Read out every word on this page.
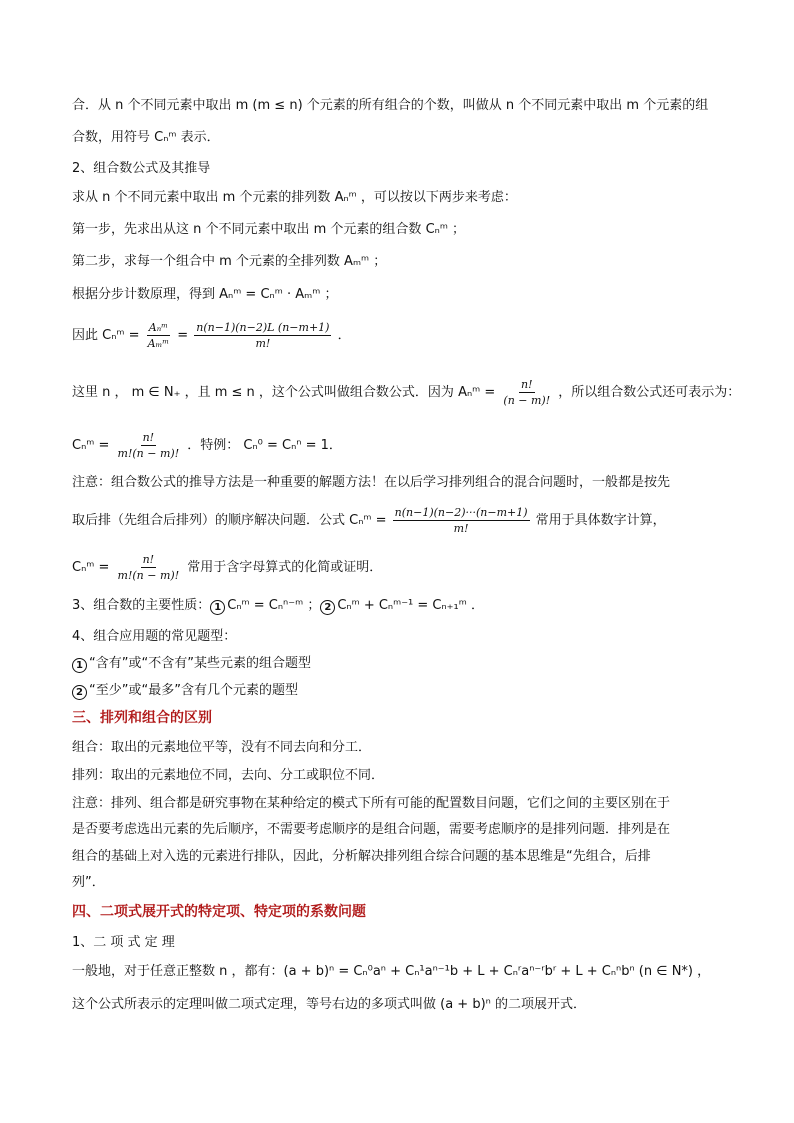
合．从 n 个不同元素中取出 m (m ≤ n) 个元素的所有组合的个数，叫做从 n 个不同元素中取出 m 个元素的组
合数，用符号 Cₙᵐ 表示．
2、组合数公式及其推导
求从 n 个不同元素中取出 m 个元素的排列数 Aₙᵐ ，可以按以下两步来考虑：
第一步，先求出从这 n 个不同元素中取出 m 个元素的组合数 Cₙᵐ ；
第二步，求每一个组合中 m 个元素的全排列数 Aₘᵐ ；
根据分步计数原理，得到 Aₙᵐ = Cₙᵐ · Aₘᵐ ；
因此 Cₙᵐ = $\frac{\text{Aₙᵐ}}{\text{Aₘᵐ}} = \frac{n(n-1)(n-2)L (n-m+1)}{m!}$ ．
这里 n ， m ∈ N₊ ，且 m ≤ n ，这个公式叫做组合数公式．因为 Aₙᵐ = $\frac{n!}{(n - m)!}$ ，所以组合数公式还可表示为：
Cₙᵐ = $\frac{n!}{m!(n - m)!}$ ．特例： Cₙ⁰ = Cₙⁿ = 1．
注意：组合数公式的推导方法是一种重要的解题方法！在以后学习排列组合的混合问题时，一般都是按先
取后排（先组合后排列）的顺序解决问题．公式 Cₙᵐ = $\frac{n(n-1)(n-2)\cdot\cdot\cdot(n-m+1)}{m!}$ 常用于具体数字计算，
Cₙᵐ = $\frac{n!}{m!(n - m)!}$ 常用于含字母算式的化简或证明．
3、组合数的主要性质： 1 Cₙᵐ = Cₙⁿ⁻ᵐ ； 2 Cₙᵐ + Cₙᵐ⁻¹ = Cₙ₊₁ᵐ ．
4、组合应用题的常见题型：
1 “含有”或“不含有”某些元素的组合题型
2 “至少”或“最多”含有几个元素的题型
三、排列和组合的区别
组合：取出的元素地位平等，没有不同去向和分工．
排列：取出的元素地位不同，去向、分工或职位不同．
注意：排列、组合都是研究事物在某种给定的模式下所有可能的配置数目问题，它们之间的主要区别在于
是否要考虑选出元素的先后顺序，不需要考虑顺序的是组合问题，需要考虑顺序的是排列问题．排列是在
组合的基础上对入选的元素进行排队，因此，分析解决排列组合综合问题的基本思维是“先组合，后排
列”．
四、二项式展开式的特定项、特定项的系数问题
1、二 项 式 定 理
一般地，对于任意正整数 n ，都有：(a + b)ⁿ = Cₙ⁰aⁿ + Cₙ¹aⁿ⁻¹b + L + Cₙʳaⁿ⁻ʳbʳ + L + Cₙⁿbⁿ (n ∈ N*) ，
这个公式所表示的定理叫做二项式定理，等号右边的多项式叫做 (a + b)ⁿ 的二项展开式．
